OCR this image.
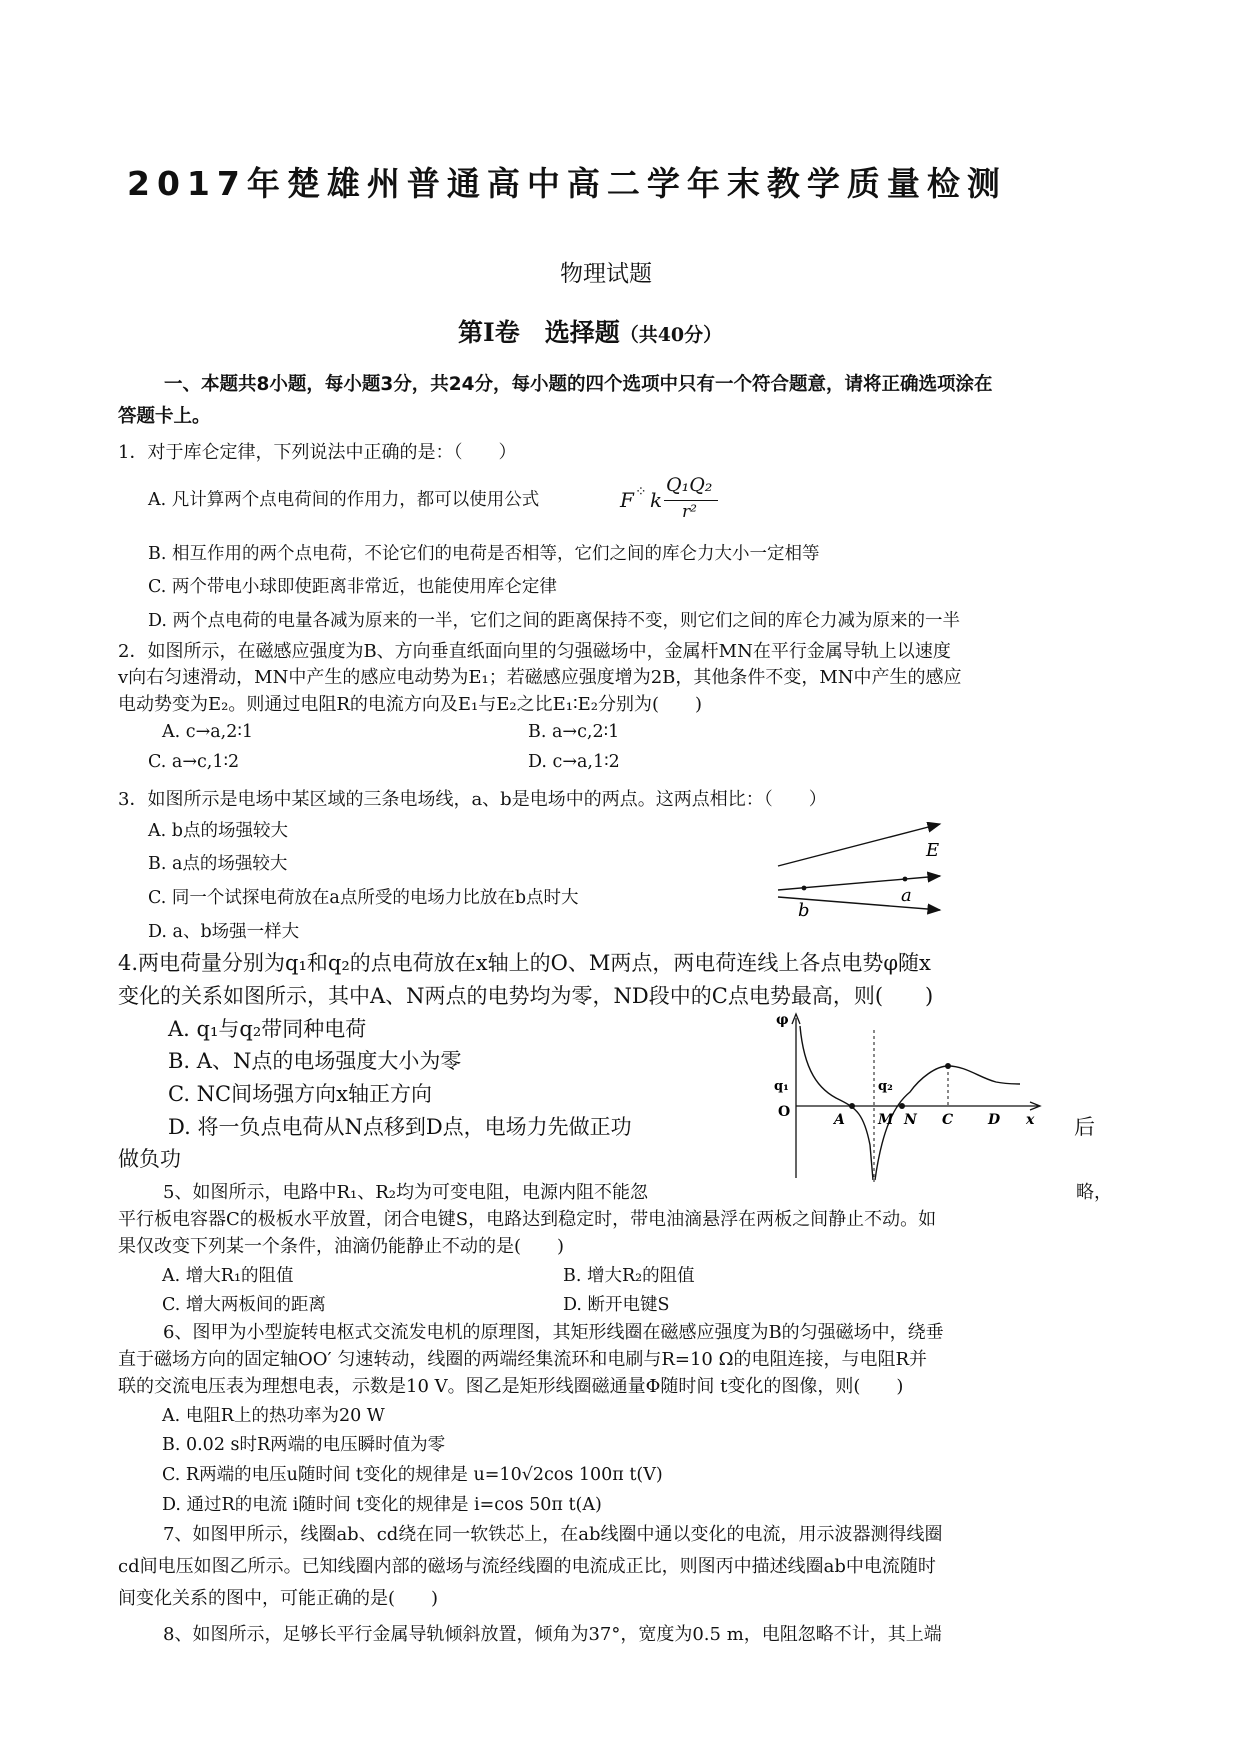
2017年楚雄州普通高中高二学年末教学质量检测
物理试题
第Ⅰ卷　选择题（共40分）
一、本题共8小题，每小题3分，共24分，每小题的四个选项中只有一个符合题意，请将正确选项涂在
答题卡上。
1．对于库仑定律，下列说法中正确的是：（　　）
A. 凡计算两个点电荷间的作用力，都可以使用公式	F ⁘ k
Q₁Q₂
r²
B. 相互作用的两个点电荷，不论它们的电荷是否相等，它们之间的库仑力大小一定相等
C. 两个带电小球即使距离非常近，也能使用库仑定律
D. 两个点电荷的电量各减为原来的一半，它们之间的距离保持不变，则它们之间的库仑力减为原来的一半
2．如图所示，在磁感应强度为B、方向垂直纸面向里的匀强磁场中，金属杆MN在平行金属导轨上以速度
v向右匀速滑动，MN中产生的感应电动势为E₁；若磁感应强度增为2B，其他条件不变，MN中产生的感应
电动势变为E₂。则通过电阻R的电流方向及E₁与E₂之比E₁∶E₂分别为(　　)
A. c→a,2∶1	B. a→c,2∶1
C. a→c,1∶2	D. c→a,1∶2
3．如图所示是电场中某区域的三条电场线，a、b是电场中的两点。这两点相比：（　　）
A. b点的场强较大
B. a点的场强较大
C. 同一个试探电荷放在a点所受的电场力比放在b点时大
D. a、b场强一样大
E
a
b
4.两电荷量分别为q₁和q₂的点电荷放在x轴上的O、M两点，两电荷连线上各点电势φ随x
变化的关系如图所示，其中A、N两点的电势均为零，ND段中的C点电势最高，则(　　)
A. q₁与q₂带同种电荷
B. A、N点的电场强度大小为零
C. NC间场强方向x轴正方向
D. 将一负点电荷从N点移到D点，电场力先做正功	后
做负功
φ
q₁	q₂
O	A M N C D x
5、如图所示，电路中R₁、R₂均为可变电阻，电源内阻不能忽	略，
平行板电容器C的极板水平放置，闭合电键S，电路达到稳定时，带电油滴悬浮在两板之间静止不动。如
果仅改变下列某一个条件，油滴仍能静止不动的是(　　)
A. 增大R₁的阻值	B. 增大R₂的阻值
C. 增大两板间的距离	D. 断开电键S
6、图甲为小型旋转电枢式交流发电机的原理图，其矩形线圈在磁感应强度为B的匀强磁场中，绕垂
直于磁场方向的固定轴OO′ 匀速转动，线圈的两端经集流环和电刷与R=10 Ω的电阻连接，与电阻R并
联的交流电压表为理想电表，示数是10 V。图乙是矩形线圈磁通量Φ随时间 t变化的图像，则(　　)
A. 电阻R上的热功率为20 W
B. 0.02 s时R两端的电压瞬时值为零
C. R两端的电压u随时间 t变化的规律是 u=10√2cos 100π t(V)
D. 通过R的电流 i随时间 t变化的规律是 i=cos 50π t(A)
7、如图甲所示，线圈ab、cd绕在同一软铁芯上，在ab线圈中通以变化的电流，用示波器测得线圈
cd间电压如图乙所示。已知线圈内部的磁场与流经线圈的电流成正比，则图丙中描述线圈ab中电流随时
间变化关系的图中，可能正确的是(　　)
8、如图所示，足够长平行金属导轨倾斜放置，倾角为37°，宽度为0.5 m，电阻忽略不计，其上端
